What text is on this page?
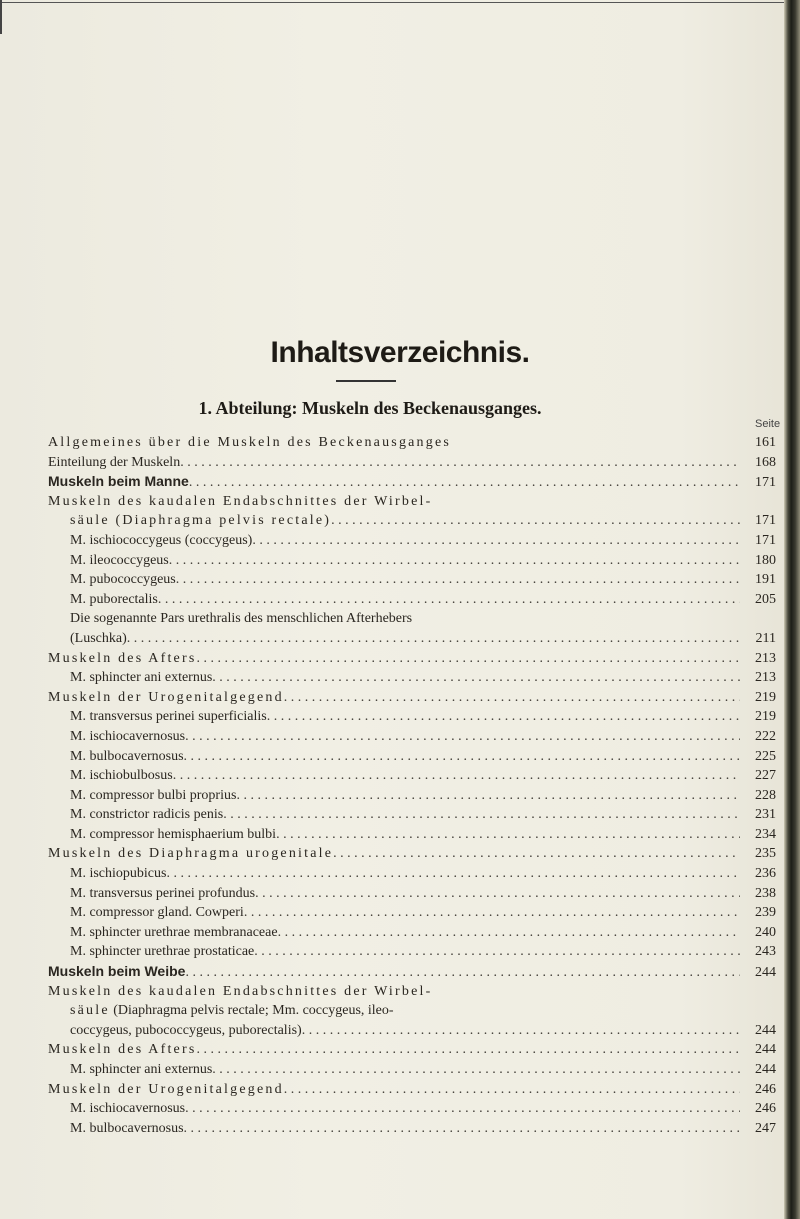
Inhaltsverzeichnis.
1. Abteilung: Muskeln des Beckenausganges.
Seite
Allgemeines über die Muskeln des Beckenausganges	161
Einteilung der Muskeln . . .	168
Muskeln beim Manne . . .	171
Muskeln des kaudalen Endabschnittes der Wirbel-
säule (Diaphragma pelvis rectale) . . .	171
M. ischiococcygeus (coccygeus) . . .	171
M. ileococcygeus . . .	180
M. pubococcygeus . . .	191
M. puborectalis . . .	205
Die sogenannte Pars urethralis des menschlichen Afterhebers
(Luschka) . . .	211
Muskeln des Afters . . .	213
M. sphincter ani externus . . .	213
Muskeln der Urogenitalgegend . . .	219
M. transversus perinei superficialis . . .	219
M. ischiocavernosus . . .	222
M. bulbocavernosus . . .	225
M. ischiobulbosus . . .	227
M. compressor bulbi proprius . . .	228
M. constrictor radicis penis . . .	231
M. compressor hemisphaerium bulbi . . .	234
Muskeln des Diaphragma urogenitale . . .	235
M. ischiopubicus . . .	236
M. transversus perinei profundus . . .	238
M. compressor gland. Cowperi . . .	239
M. sphincter urethrae membranaceae . . .	240
M. sphincter urethrae prostaticae . . .	243
Muskeln beim Weibe . . .	244
Muskeln des kaudalen Endabschnittes der Wirbel-
säule (Diaphragma pelvis rectale; Mm. coccygeus, ileo-
coccygeus, pubococcygeus, puborectalis) . . .	244
Muskeln des Afters . . .	244
M. sphincter ani externus . . .	244
Muskeln der Urogenitalgegend . . .	246
M. ischiocavernosus . . .	246
M. bulbocavernosus . . .	247
